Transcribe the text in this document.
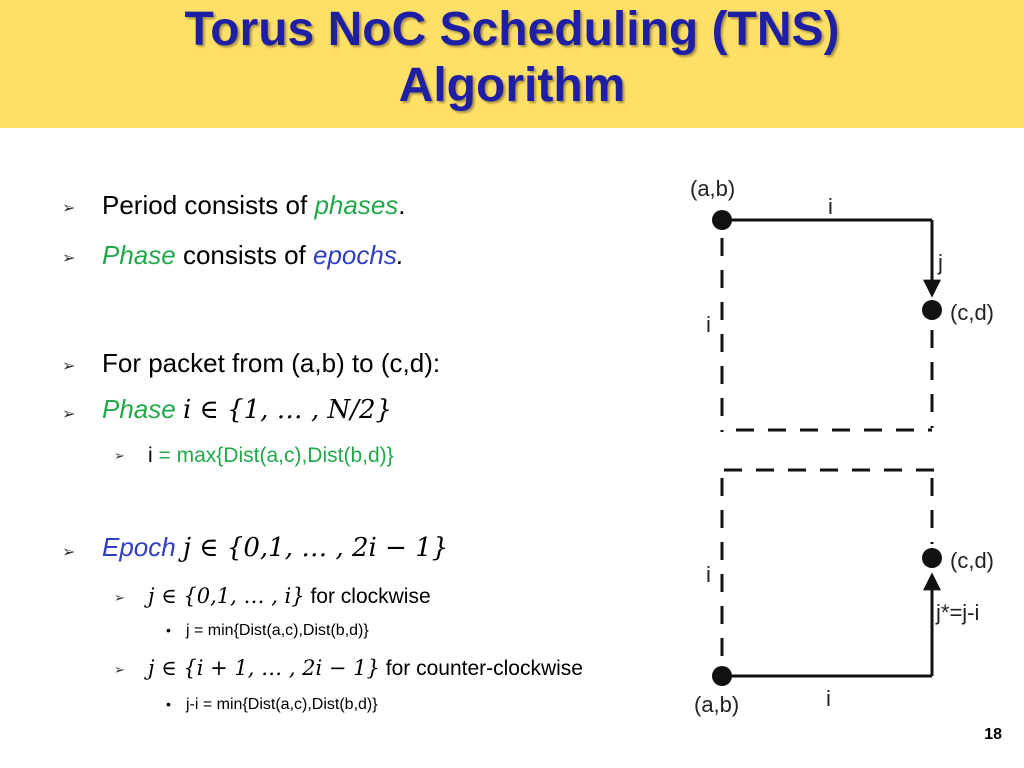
Torus NoC Scheduling (TNS)
Algorithm
➢ Period consists of phases.
➢ Phase consists of epochs.
➢ For packet from (a,b) to (c,d):
➢ Phase i ∈ {1, … , N/2}
➢ i = max{Dist(a,c),Dist(b,d)}
➢ Epoch j ∈ {0,1, … , 2i − 1}
➢ j ∈ {0,1, … , i} for clockwise
• j = min{Dist(a,c),Dist(b,d)}
➢ j ∈ {i + 1, … , 2i − 1} for counter-clockwise
• j-i = min{Dist(a,c),Dist(b,d)}
(a,b)
i
j
(c,d)
i
(c,d)
i
j*=j-i
(a,b)	i
18
